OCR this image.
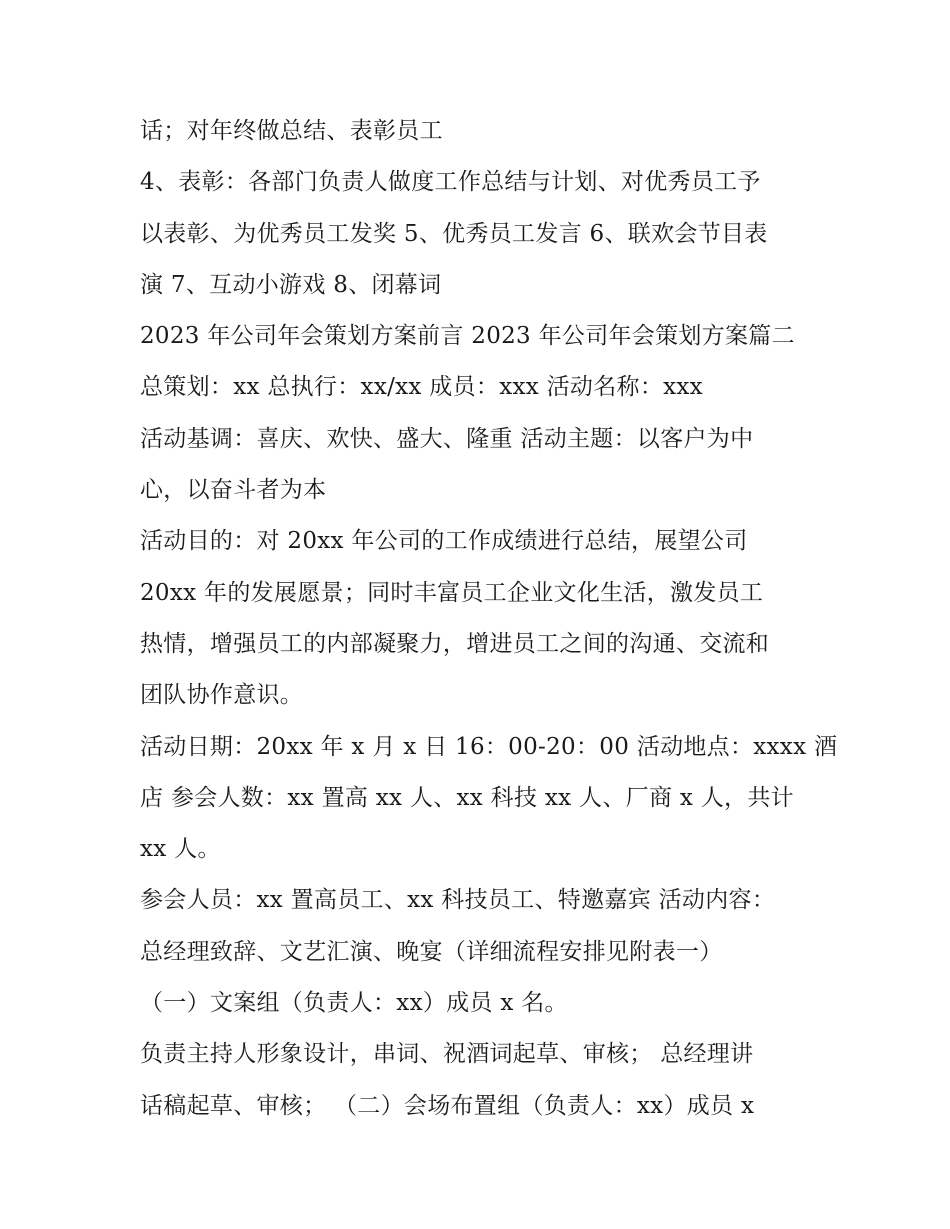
话；对年终做总结、表彰员工
4、表彰：各部门负责人做度工作总结与计划、对优秀员工予
以表彰、为优秀员工发奖 5、优秀员工发言 6、联欢会节目表
演 7、互动小游戏 8、闭幕词
2023 年公司年会策划方案前言 2023 年公司年会策划方案篇二
总策划：xx 总执行：xx/xx 成员：xxx 活动名称：xxx
活动基调：喜庆、欢快、盛大、隆重 活动主题：以客户为中
心，以奋斗者为本
活动目的：对 20xx 年公司的工作成绩进行总结，展望公司
20xx 年的发展愿景；同时丰富员工企业文化生活，激发员工
热情，增强员工的内部凝聚力，增进员工之间的沟通、交流和
团队协作意识。
活动日期：20xx 年 x 月 x 日 16：00-20：00 活动地点：xxxx 酒
店 参会人数：xx 置高 xx 人、xx 科技 xx 人、厂商 x 人，共计
xx 人。
参会人员：xx 置高员工、xx 科技员工、特邀嘉宾 活动内容：
总经理致辞、文艺汇演、晚宴（详细流程安排见附表一）
（一）文案组（负责人：xx）成员 x 名。
负责主持人形象设计，串词、祝酒词起草、审核； 总经理讲
话稿起草、审核； （二）会场布置组（负责人：xx）成员 x
